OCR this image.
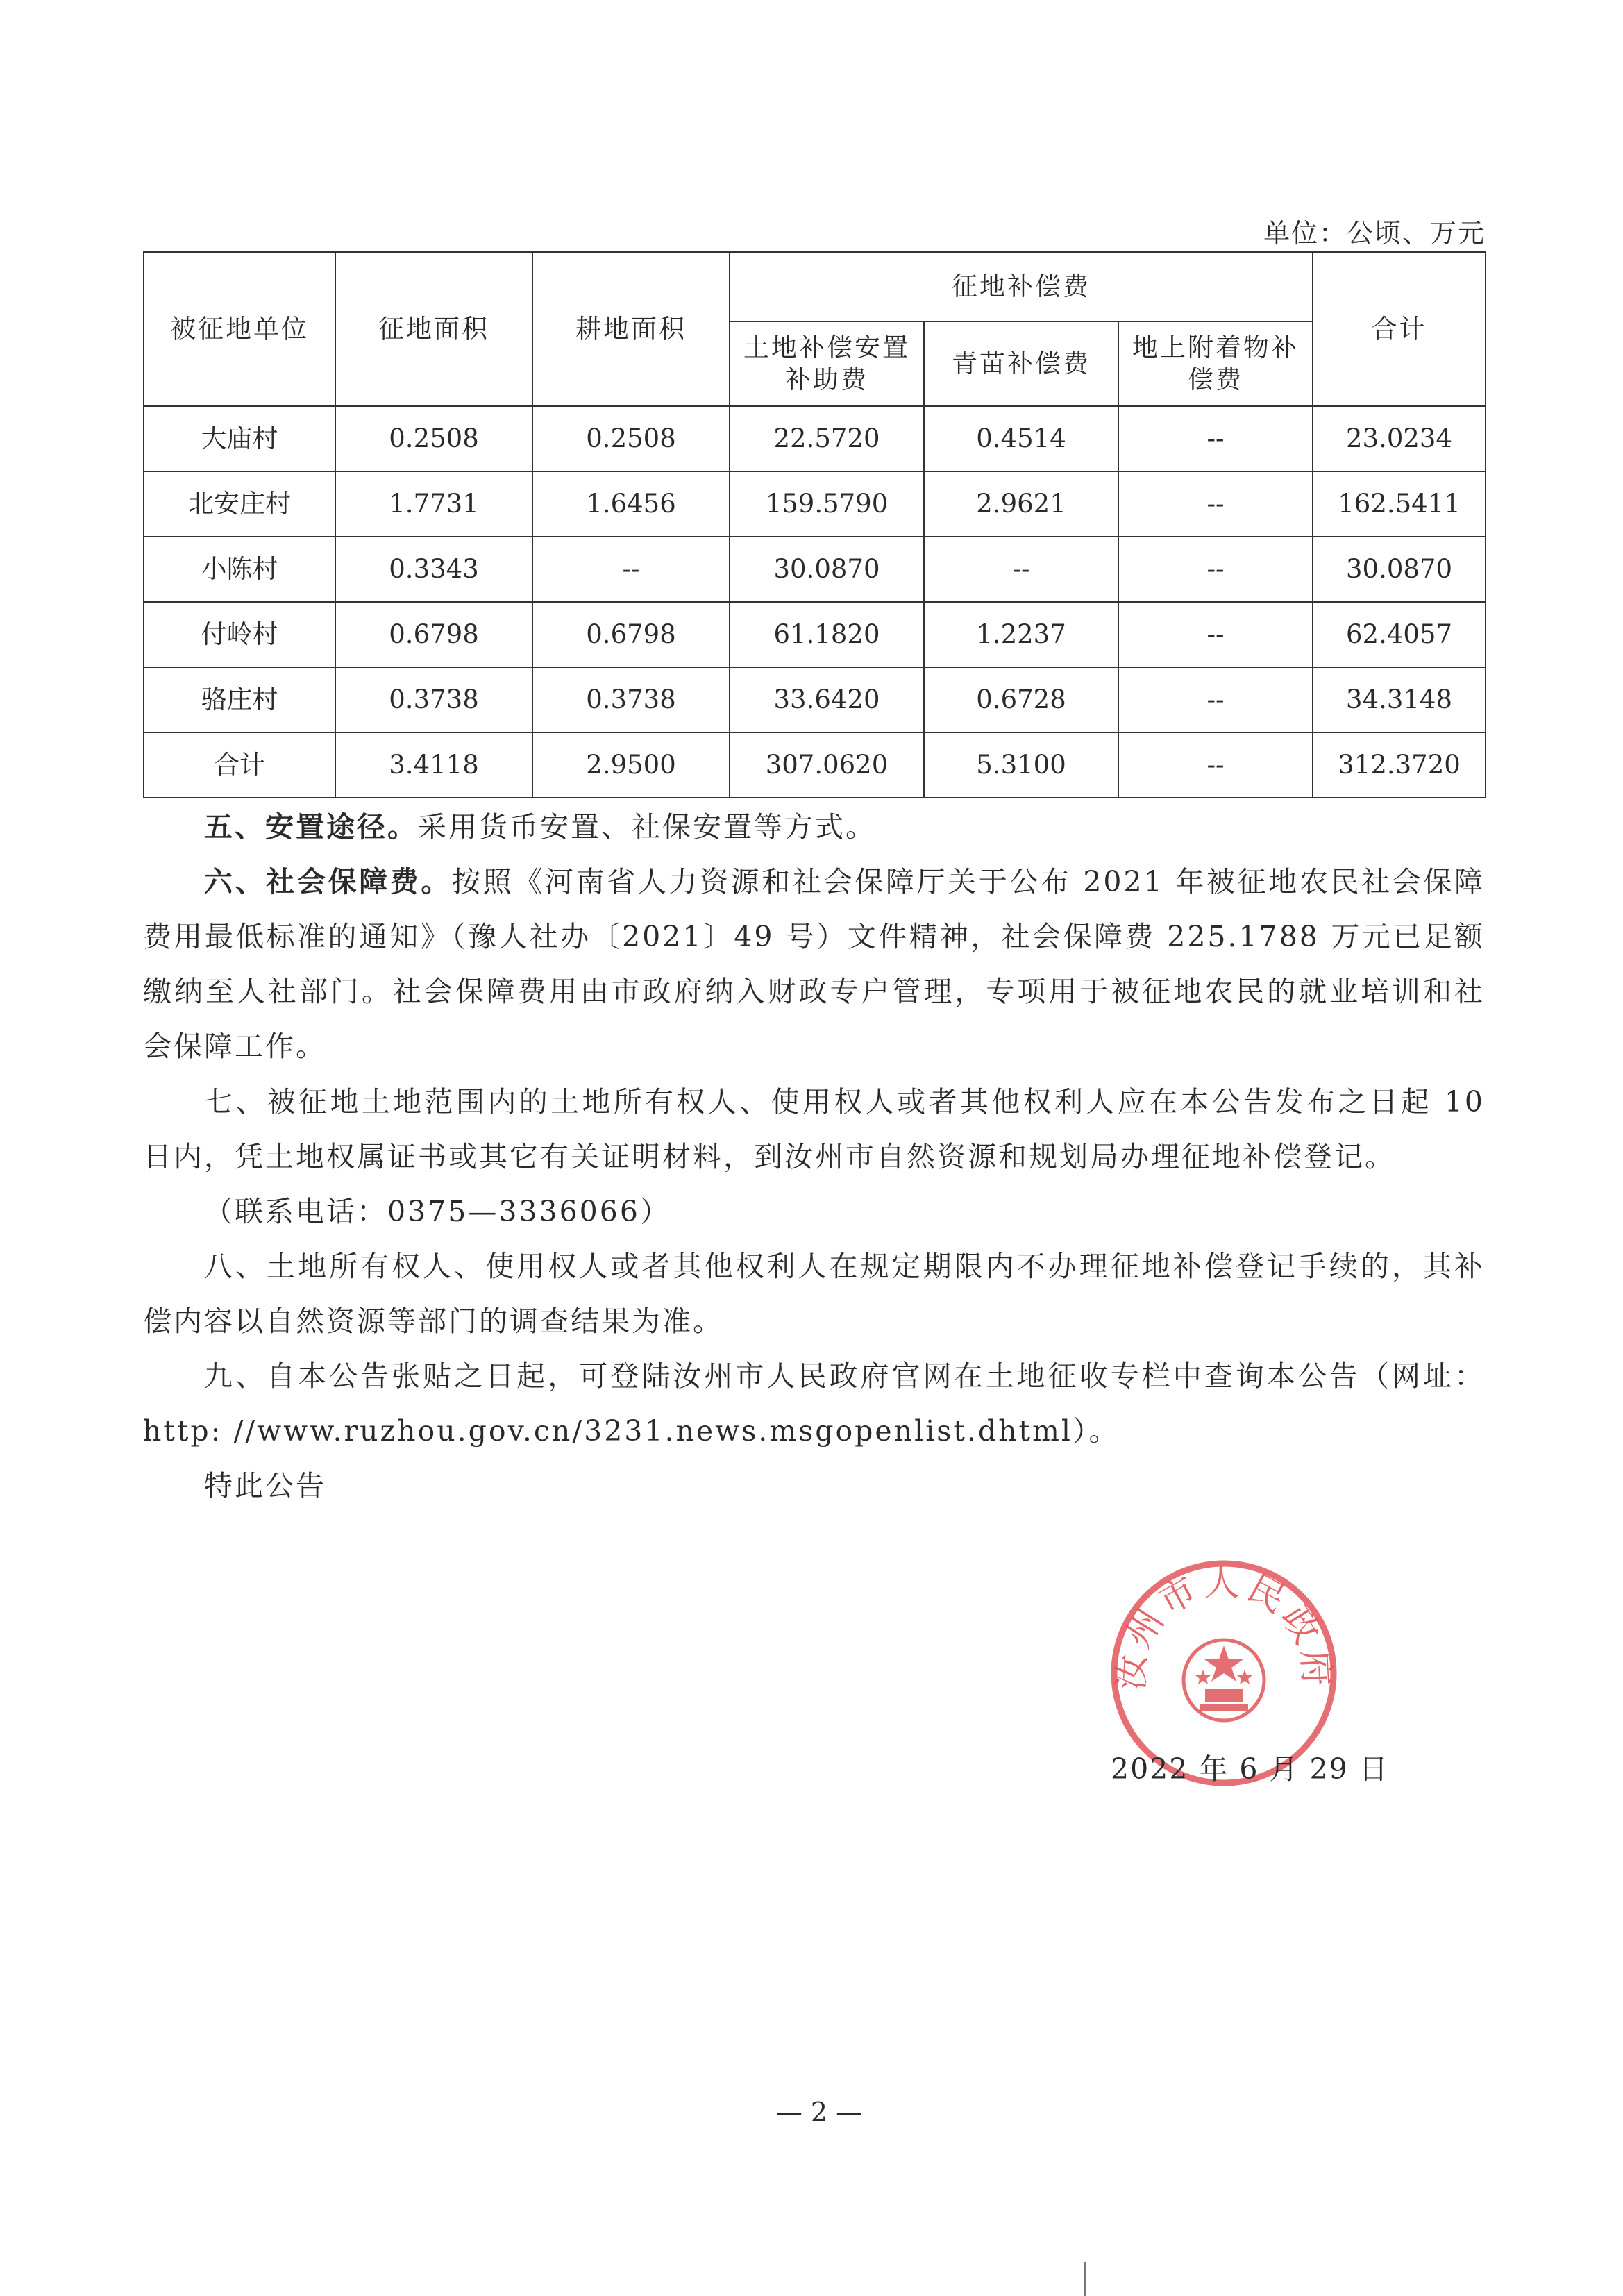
单位：公顷、万元
被征地单位	征地面积	耕地面积	征地补偿费			合计
			土地补偿安置补助费	青苗补偿费	地上附着物补偿费	
大庙村	0.2508	0.2508	22.5720	0.4514	--	23.0234
北安庄村	1.7731	1.6456	159.5790	2.9621	--	162.5411
小陈村	0.3343	--	30.0870	--	--	30.0870
付岭村	0.6798	0.6798	61.1820	1.2237	--	62.4057
骆庄村	0.3738	0.3738	33.6420	0.6728	--	34.3148
合计	3.4118	2.9500	307.0620	5.3100	--	312.3720
五、安置途径。采用货币安置、社保安置等方式。
六、社会保障费。按照《河南省人力资源和社会保障厅关于公布 2021 年被征地农民社会保障费用最低标准的通知》（豫人社办〔2021〕49 号）文件精神，社会保障费 225.1788 万元已足额缴纳至人社部门。社会保障费用由市政府纳入财政专户管理，专项用于被征地农民的就业培训和社会保障工作。
七、被征地土地范围内的土地所有权人、使用权人或者其他权利人应在本公告发布之日起 10 日内，凭土地权属证书或其它有关证明材料，到汝州市自然资源和规划局办理征地补偿登记。
（联系电话：0375—3336066）
八、土地所有权人、使用权人或者其他权利人在规定期限内不办理征地补偿登记手续的，其补偿内容以自然资源等部门的调查结果为准。
九、自本公告张贴之日起，可登陆汝州市人民政府官网在土地征收专栏中查询本公告（网址：http: //www.ruzhou.gov.cn/3231.news.msgopenlist.dhtml）。
特此公告
汝州市人民政府
2022 年 6 月 29 日
— 2 —
